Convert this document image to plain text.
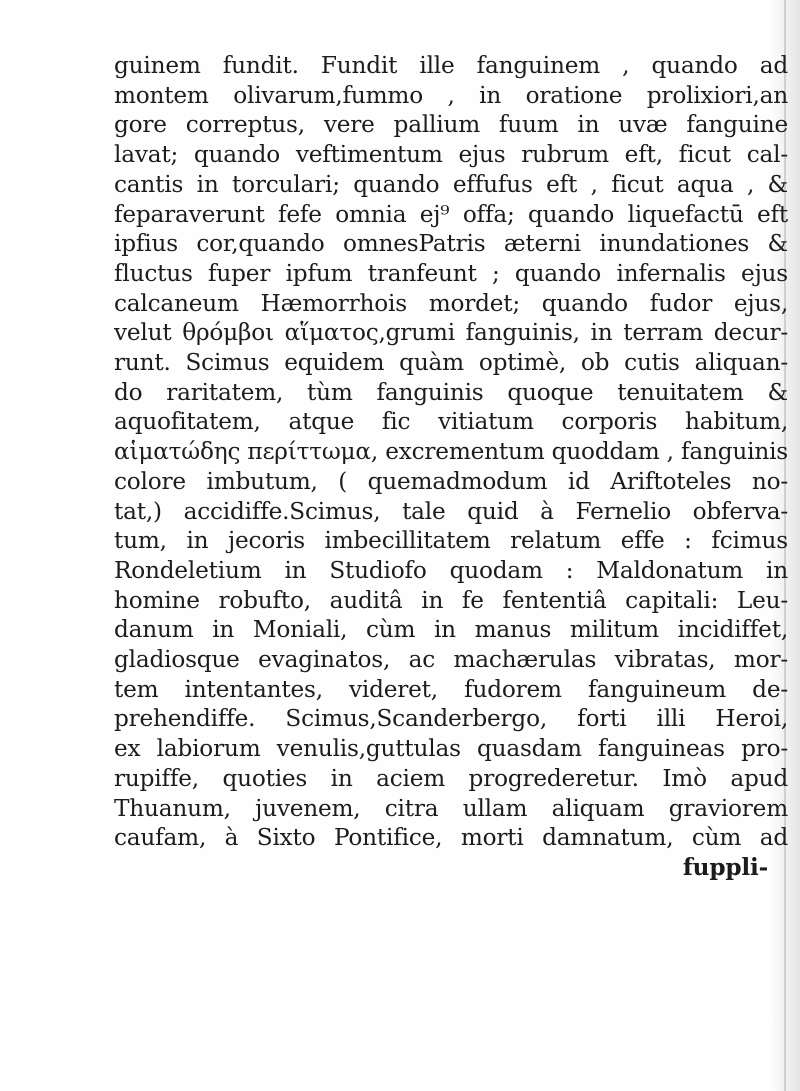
guinem fundit. Fundit ille fanguinem , quando ad
montem olivarum,fummo , in oratione prolixiori,an
gore correptus, vere pallium fuum in uvæ fanguine
lavat; quando veftimentum ejus rubrum eft, ficut cal-
cantis in torculari; quando effufus eft , ficut aqua , &
feparaverunt fefe omnia ej⁹ offa; quando liquefactū eft
ipfius cor,quando omnesPatris æterni inundationes &
fluctus fuper ipfum tranfeunt ; quando infernalis ejus
calcaneum Hæmorrhois mordet; quando fudor ejus,
velut θρόμβοι αἵματος,grumi fanguinis, in terram decur-
runt. Scimus equidem quàm optimè, ob cutis aliquan-
do raritatem, tùm fanguinis quoque tenuitatem &
aquofitatem, atque fic vitiatum corporis habitum,
αἱματώδης περίττωμα, excrementum quoddam , fanguinis
colore imbutum, ( quemadmodum id Ariftoteles no-
tat,) accidiffe.Scimus, tale quid à Fernelio obferva-
tum, in jecoris imbecillitatem relatum effe : fcimus
Rondeletium in Studiofo quodam : Maldonatum in
homine robufto, auditâ in fe fententiâ capitali: Leu-
danum in Moniali, cùm in manus militum incidiffet,
gladiosque evaginatos, ac machærulas vibratas, mor-
tem intentantes, videret, fudorem fanguineum de-
prehendiffe. Scimus,Scanderbergo, forti illi Heroi,
ex labiorum venulis,guttulas quasdam fanguineas pro-
rupiffe, quoties in aciem progrederetur. Imò apud
Thuanum, juvenem, citra ullam aliquam graviorem
caufam, à Sixto Pontifice, morti damnatum, cùm ad
fuppli-
